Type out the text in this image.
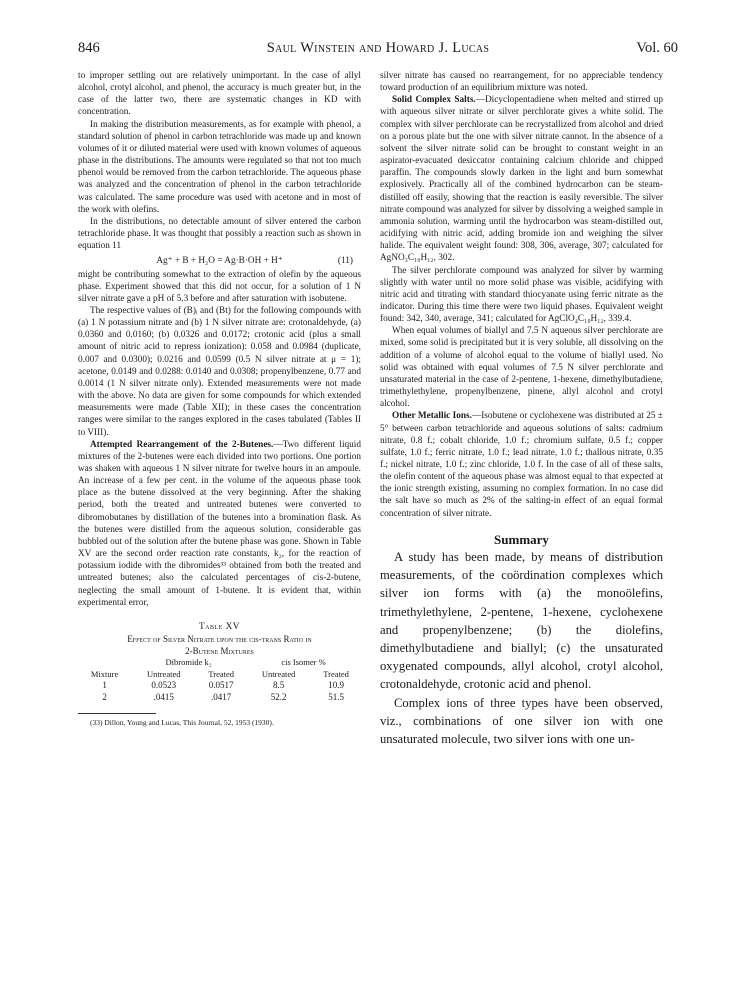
846	Saul Winstein and Howard J. Lucas	Vol. 60

to improper settling out are relatively unimportant. In the case of allyl alcohol, crotyl alcohol, and phenol, the accuracy is much greater but, in the case of the latter two, there are systematic changes in KD with concentration.

In making the distribution measurements, as for example with phenol, a standard solution of phenol in carbon tetrachloride was made up and known volumes of it or diluted material were used with known volumes of aqueous phase in the distributions. The amounts were regulated so that not too much phenol would be removed from the carbon tetrachloride. The aqueous phase was analyzed and the concentration of phenol in the carbon tetrachloride was calculated. The same procedure was used with acetone and in most of the work with olefins.

In the distributions, no detectable amount of silver entered the carbon tetrachloride phase. It was thought that possibly a reaction such as shown in equation 11

Ag⁺ + B + H₂O = Ag·B·OH + H⁺	(11)

might be contributing somewhat to the extraction of olefin by the aqueous phase. Experiment showed that this did not occur, for a solution of 1 N silver nitrate gave a pH of 5.3 before and after saturation with isobutene.

The respective values of (B)ᵢ and (Bt) for the following compounds with (a) 1 N potassium nitrate and (b) 1 N silver nitrate are: crotonaldehyde, (a) 0.0360 and 0.0160; (b) 0.0326 and 0.0172; crotonic acid (plus a small amount of nitric acid to repress ionization): 0.058 and 0.0984 (duplicate, 0.007 and 0.0300); 0.0216 and 0.0599 (0.5 N silver nitrate at μ = 1); acetone, 0.0149 and 0.0288: 0.0140 and 0.0308; propenylbenzene, 0.77 and 0.0014 (1 N silver nitrate only). Extended measurements were not made with the above. No data are given for some compounds for which extended measurements were made (Table XII); in these cases the concentration ranges were similar to the ranges explored in the cases tabulated (Tables II to VIII).

Attempted Rearrangement of the 2-Butenes.—Two different liquid mixtures of the 2-butenes were each divided into two portions. One portion was shaken with aqueous 1 N silver nitrate for twelve hours in an ampoule. An increase of a few per cent. in the volume of the aqueous phase took place as the butene dissolved at the very beginning. After the shaking period, both the treated and untreated butenes were converted to dibromobutanes by distillation of the butenes into a bromination flask. As the butenes were distilled from the aqueous solution, considerable gas bubbled out of the solution after the butene phase was gone. Shown in Table XV are the second order reaction rate constants, k₂, for the reaction of potassium iodide with the dibromides³³ obtained from both the treated and untreated butenes; also the calculated percentages of cis-2-butene, neglecting the small amount of 1-butene. It is evident that, within experimental error,

Table XV
Effect of Silver Nitrate upon the cis-trans Ratio in
2-Butene Mixtures
	Dibromide k₂		cis Isomer %	
Mixture	Untreated	Treated	Untreated	Treated
1	0.0523	0.0517	8.5	10.9
2	.0415	.0417	52.2	51.5

(33) Dillon, Young and Lucas, This Journal, 52, 1953 (1930).

silver nitrate has caused no rearrangement, for no appreciable tendency toward production of an equilibrium mixture was noted.

Solid Complex Salts.—Dicyclopentadiene when melted and stirred up with aqueous silver nitrate or silver perchlorate gives a white solid. The complex with silver perchlorate can be recrystallized from alcohol and dried on a porous plate but the one with silver nitrate cannot. In the absence of a solvent the silver nitrate solid can be brought to constant weight in an aspirator-evacuated desiccator containing calcium chloride and chipped paraffin. The compounds slowly darken in the light and burn somewhat explosively. Practically all of the combined hydrocarbon can be steam-distilled off easily, showing that the reaction is easily reversible. The silver nitrate compound was analyzed for silver by dissolving a weighed sample in ammonia solution, warming until the hydrocarbon was steam-distilled out, acidifying with nitric acid, adding bromide ion and weighing the silver halide. The equivalent weight found: 308, 306, average, 307; calculated for AgNO₃C₁₀H₁₂, 302.

The silver perchlorate compound was analyzed for silver by warming slightly with water until no more solid phase was visible, acidifying with nitric acid and titrating with standard thiocyanate using ferric nitrate as the indicator. During this time there were two liquid phases. Equivalent weight found: 342, 340, average, 341; calculated for AgClO₄C₁₀H₁₂, 339.4.

When equal volumes of biallyl and 7.5 N aqueous silver perchlorate are mixed, some solid is precipitated but it is very soluble, all dissolving on the addition of a volume of alcohol equal to the volume of biallyl used. No solid was obtained with equal volumes of 7.5 N silver perchlorate and unsaturated material in the case of 2-pentene, 1-hexene, dimethylbutadiene, trimethylethylene, propenylbenzene, pinene, allyl alcohol and crotyl alcohol.

Other Metallic Ions.—Isobutene or cyclohexene was distributed at 25 ± 5° between carbon tetrachloride and aqueous solutions of salts: cadmium nitrate, 0.8 f.; cobalt chloride, 1.0 f.; chromium sulfate, 0.5 f.; copper sulfate, 1.0 f.; ferric nitrate, 1.0 f.; lead nitrate, 1.0 f.; thallous nitrate, 0.35 f.; nickel nitrate, 1.0 f.; zinc chloride, 1.0 f. In the case of all of these salts, the olefin content of the aqueous phase was almost equal to that expected at the ionic strength existing, assuming no complex formation. In no case did the salt have so much as 2% of the salting-in effect of an equal formal concentration of silver nitrate.

Summary

A study has been made, by means of distribution measurements, of the coördination complexes which silver ion forms with (a) the monoölefins, trimethylethylene, 2-pentene, 1-hexene, cyclohexene and propenylbenzene; (b) the diolefins, dimethylbutadiene and biallyl; (c) the unsaturated oxygenated compounds, allyl alcohol, crotyl alcohol, crotonaldehyde, crotonic acid and phenol.

Complex ions of three types have been observed, viz., combinations of one silver ion with one unsaturated molecule, two silver ions with one un-
